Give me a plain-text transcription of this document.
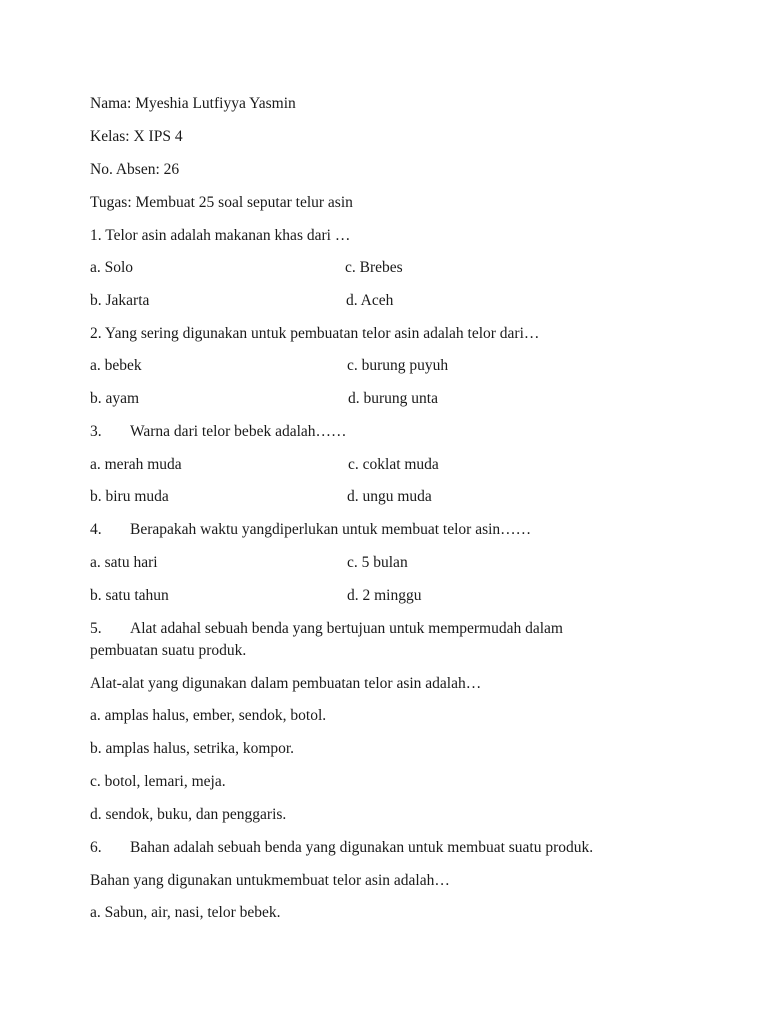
Nama: Myeshia Lutfiyya Yasmin
Kelas: X IPS 4
No. Absen: 26
Tugas: Membuat 25 soal seputar telur asin
1. Telor asin adalah makanan khas dari …
a. Solo	c. Brebes
b. Jakarta	d. Aceh
2. Yang sering digunakan untuk pembuatan telor asin adalah telor dari…
a. bebek	c. burung puyuh
b. ayam	d. burung unta
3. Warna dari telor bebek adalah……
a. merah muda	c. coklat muda
b. biru muda	d. ungu muda
4. Berapakah waktu yangdiperlukan untuk membuat telor asin……
a. satu hari	c. 5 bulan
b. satu tahun	d. 2 minggu
5. Alat adahal sebuah benda yang bertujuan untuk mempermudah dalam
pembuatan suatu produk.
Alat-alat yang digunakan dalam pembuatan telor asin adalah…
a. amplas halus, ember, sendok, botol.
b. amplas halus, setrika, kompor.
c. botol, lemari, meja.
d. sendok, buku, dan penggaris.
6. Bahan adalah sebuah benda yang digunakan untuk membuat suatu produk.
Bahan yang digunakan untukmembuat telor asin adalah…
a. Sabun, air, nasi, telor bebek.
